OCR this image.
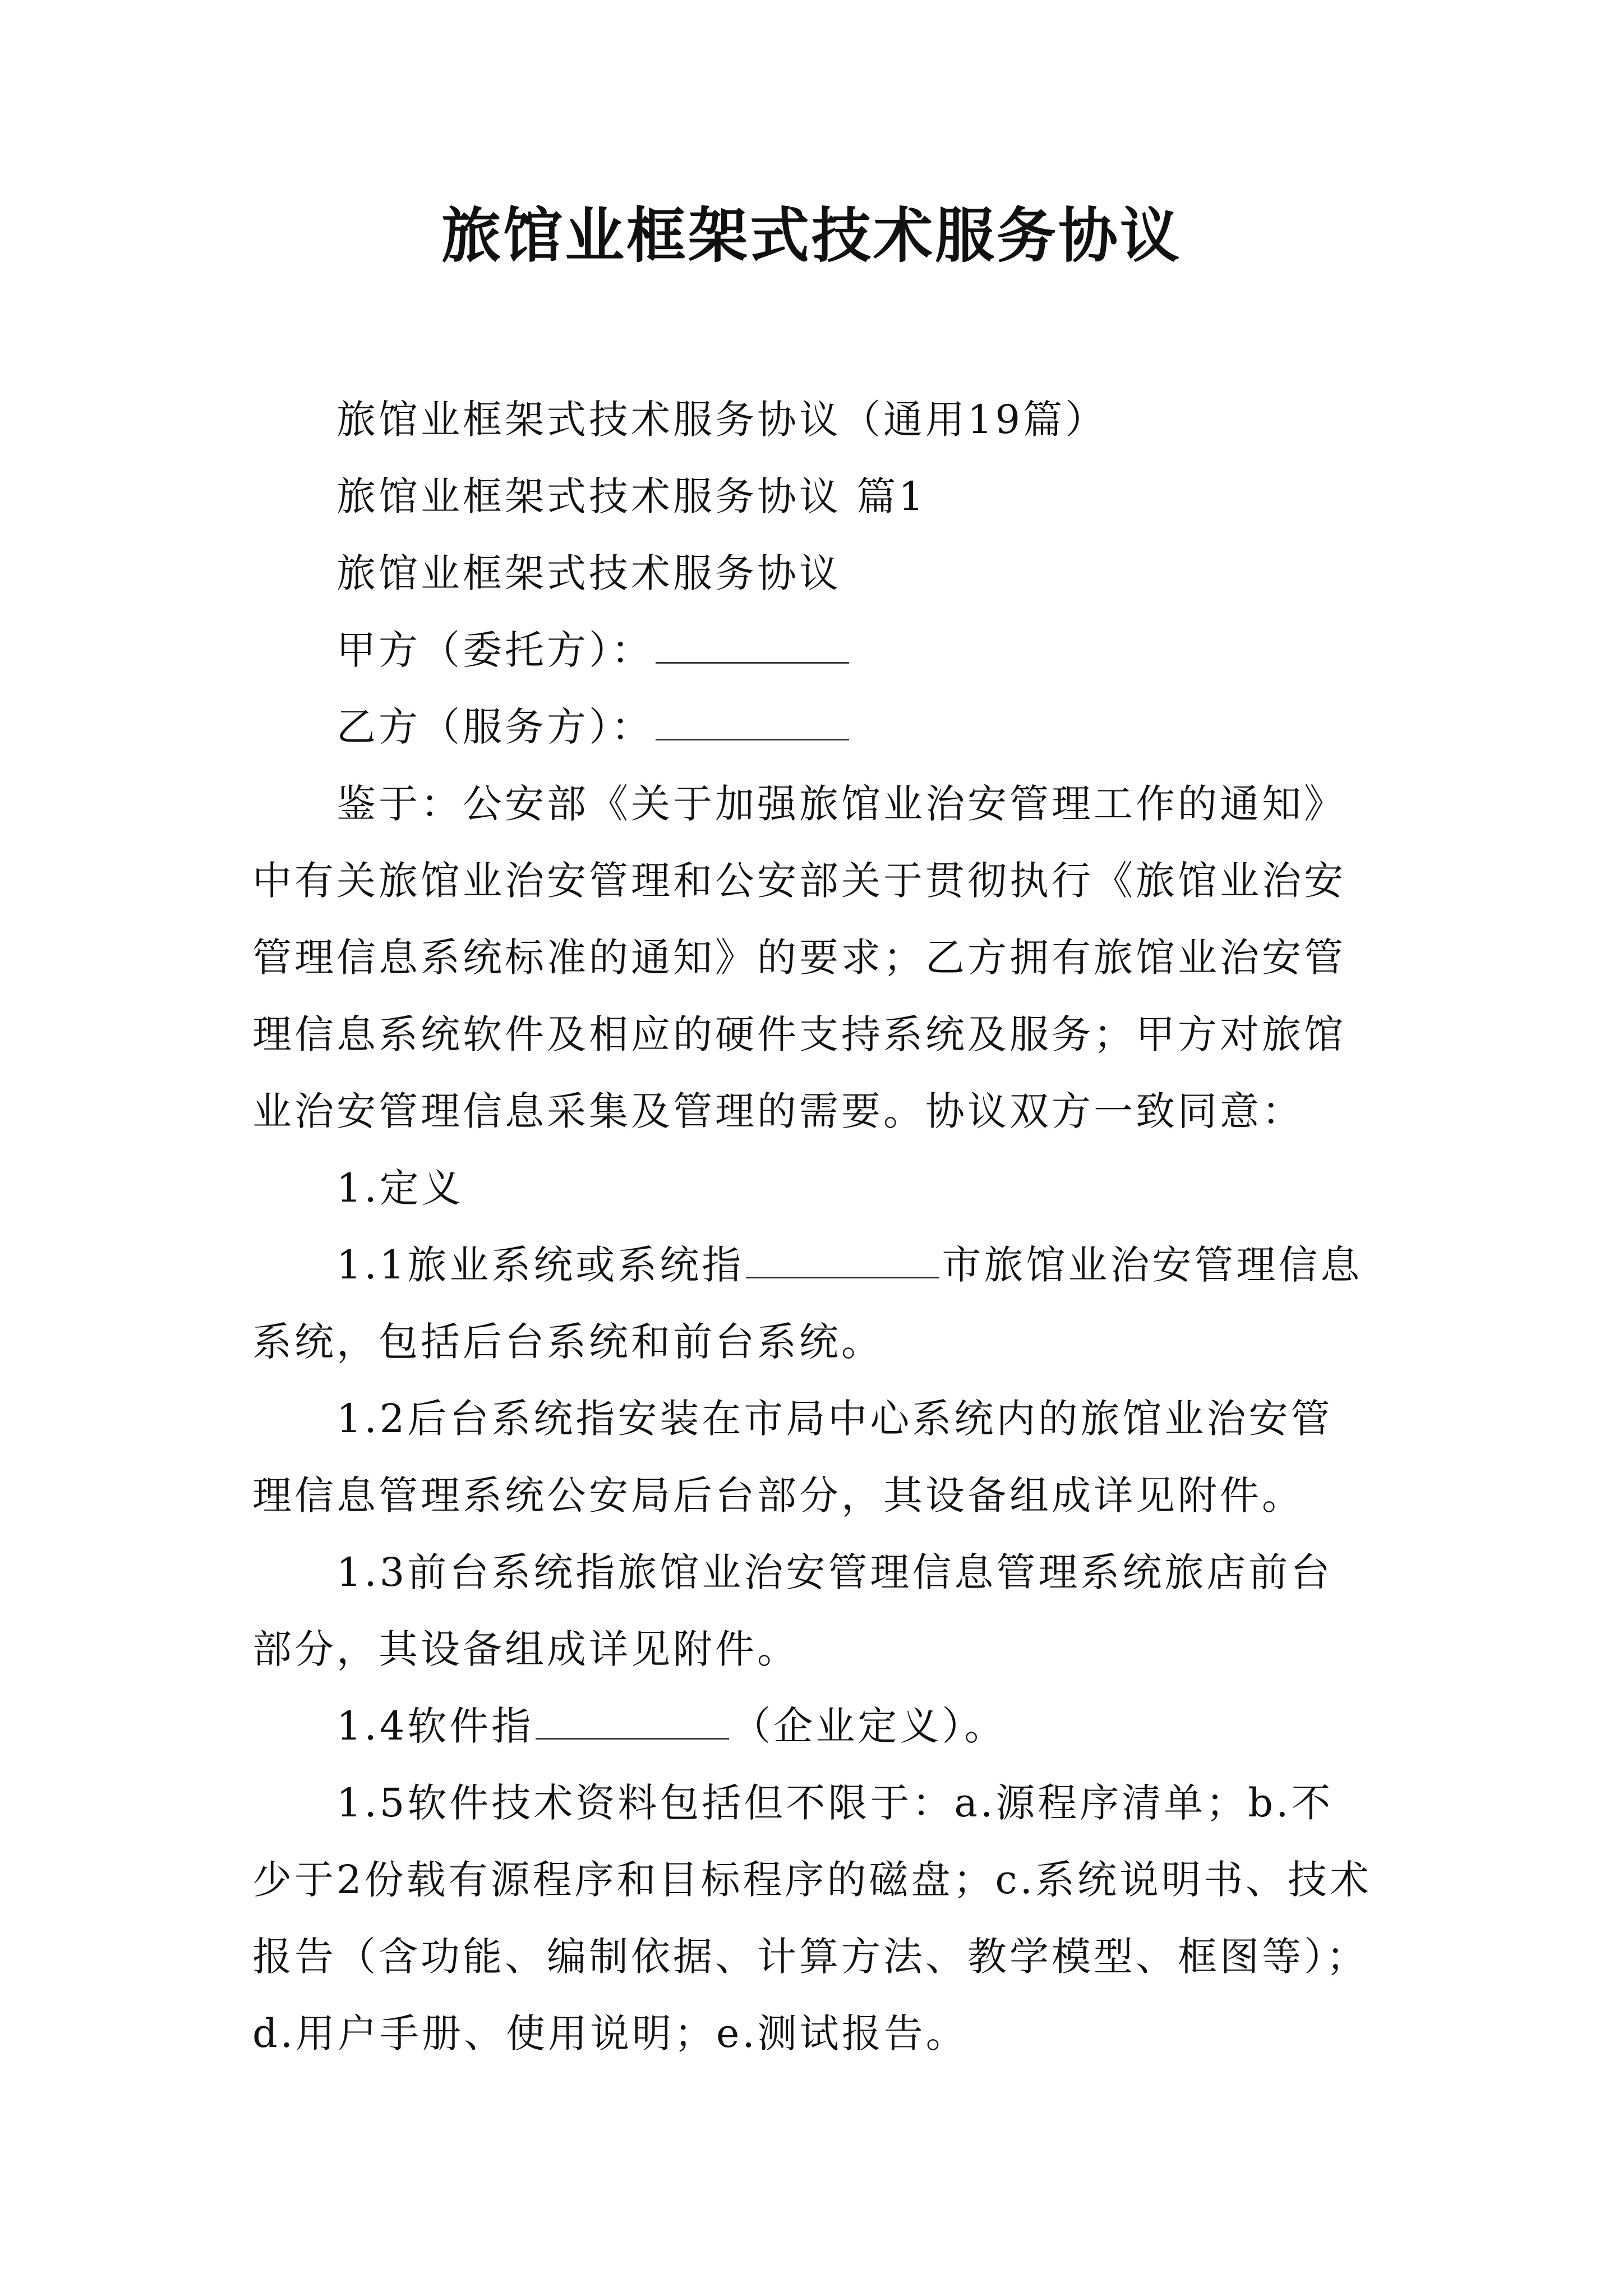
旅馆业框架式技术服务协议

旅馆业框架式技术服务协议（通用19篇）

旅馆业框架式技术服务协议 篇1

旅馆业框架式技术服务协议

甲方（委托方）：

乙方（服务方）：

鉴于：公安部《关于加强旅馆业治安管理工作的通知》中有关旅馆业治安管理和公安部关于贯彻执行《旅馆业治安管理信息系统标准的通知》的要求；乙方拥有旅馆业治安管理信息系统软件及相应的硬件支持系统及服务；甲方对旅馆业治安管理信息采集及管理的需要。协议双方一致同意：

1.定义

1.1旅业系统或系统指	市旅馆业治安管理信息系统，包括后台系统和前台系统。

1.2后台系统指安装在市局中心系统内的旅馆业治安管理信息管理系统公安局后台部分，其设备组成详见附件。

1.3前台系统指旅馆业治安管理信息管理系统旅店前台部分，其设备组成详见附件。

1.4软件指	（企业定义）。

1.5软件技术资料包括但不限于：a.源程序清单；b.不少于2份载有源程序和目标程序的磁盘；c.系统说明书、技术报告（含功能、编制依据、计算方法、教学模型、框图等）；d.用户手册、使用说明；e.测试报告。
